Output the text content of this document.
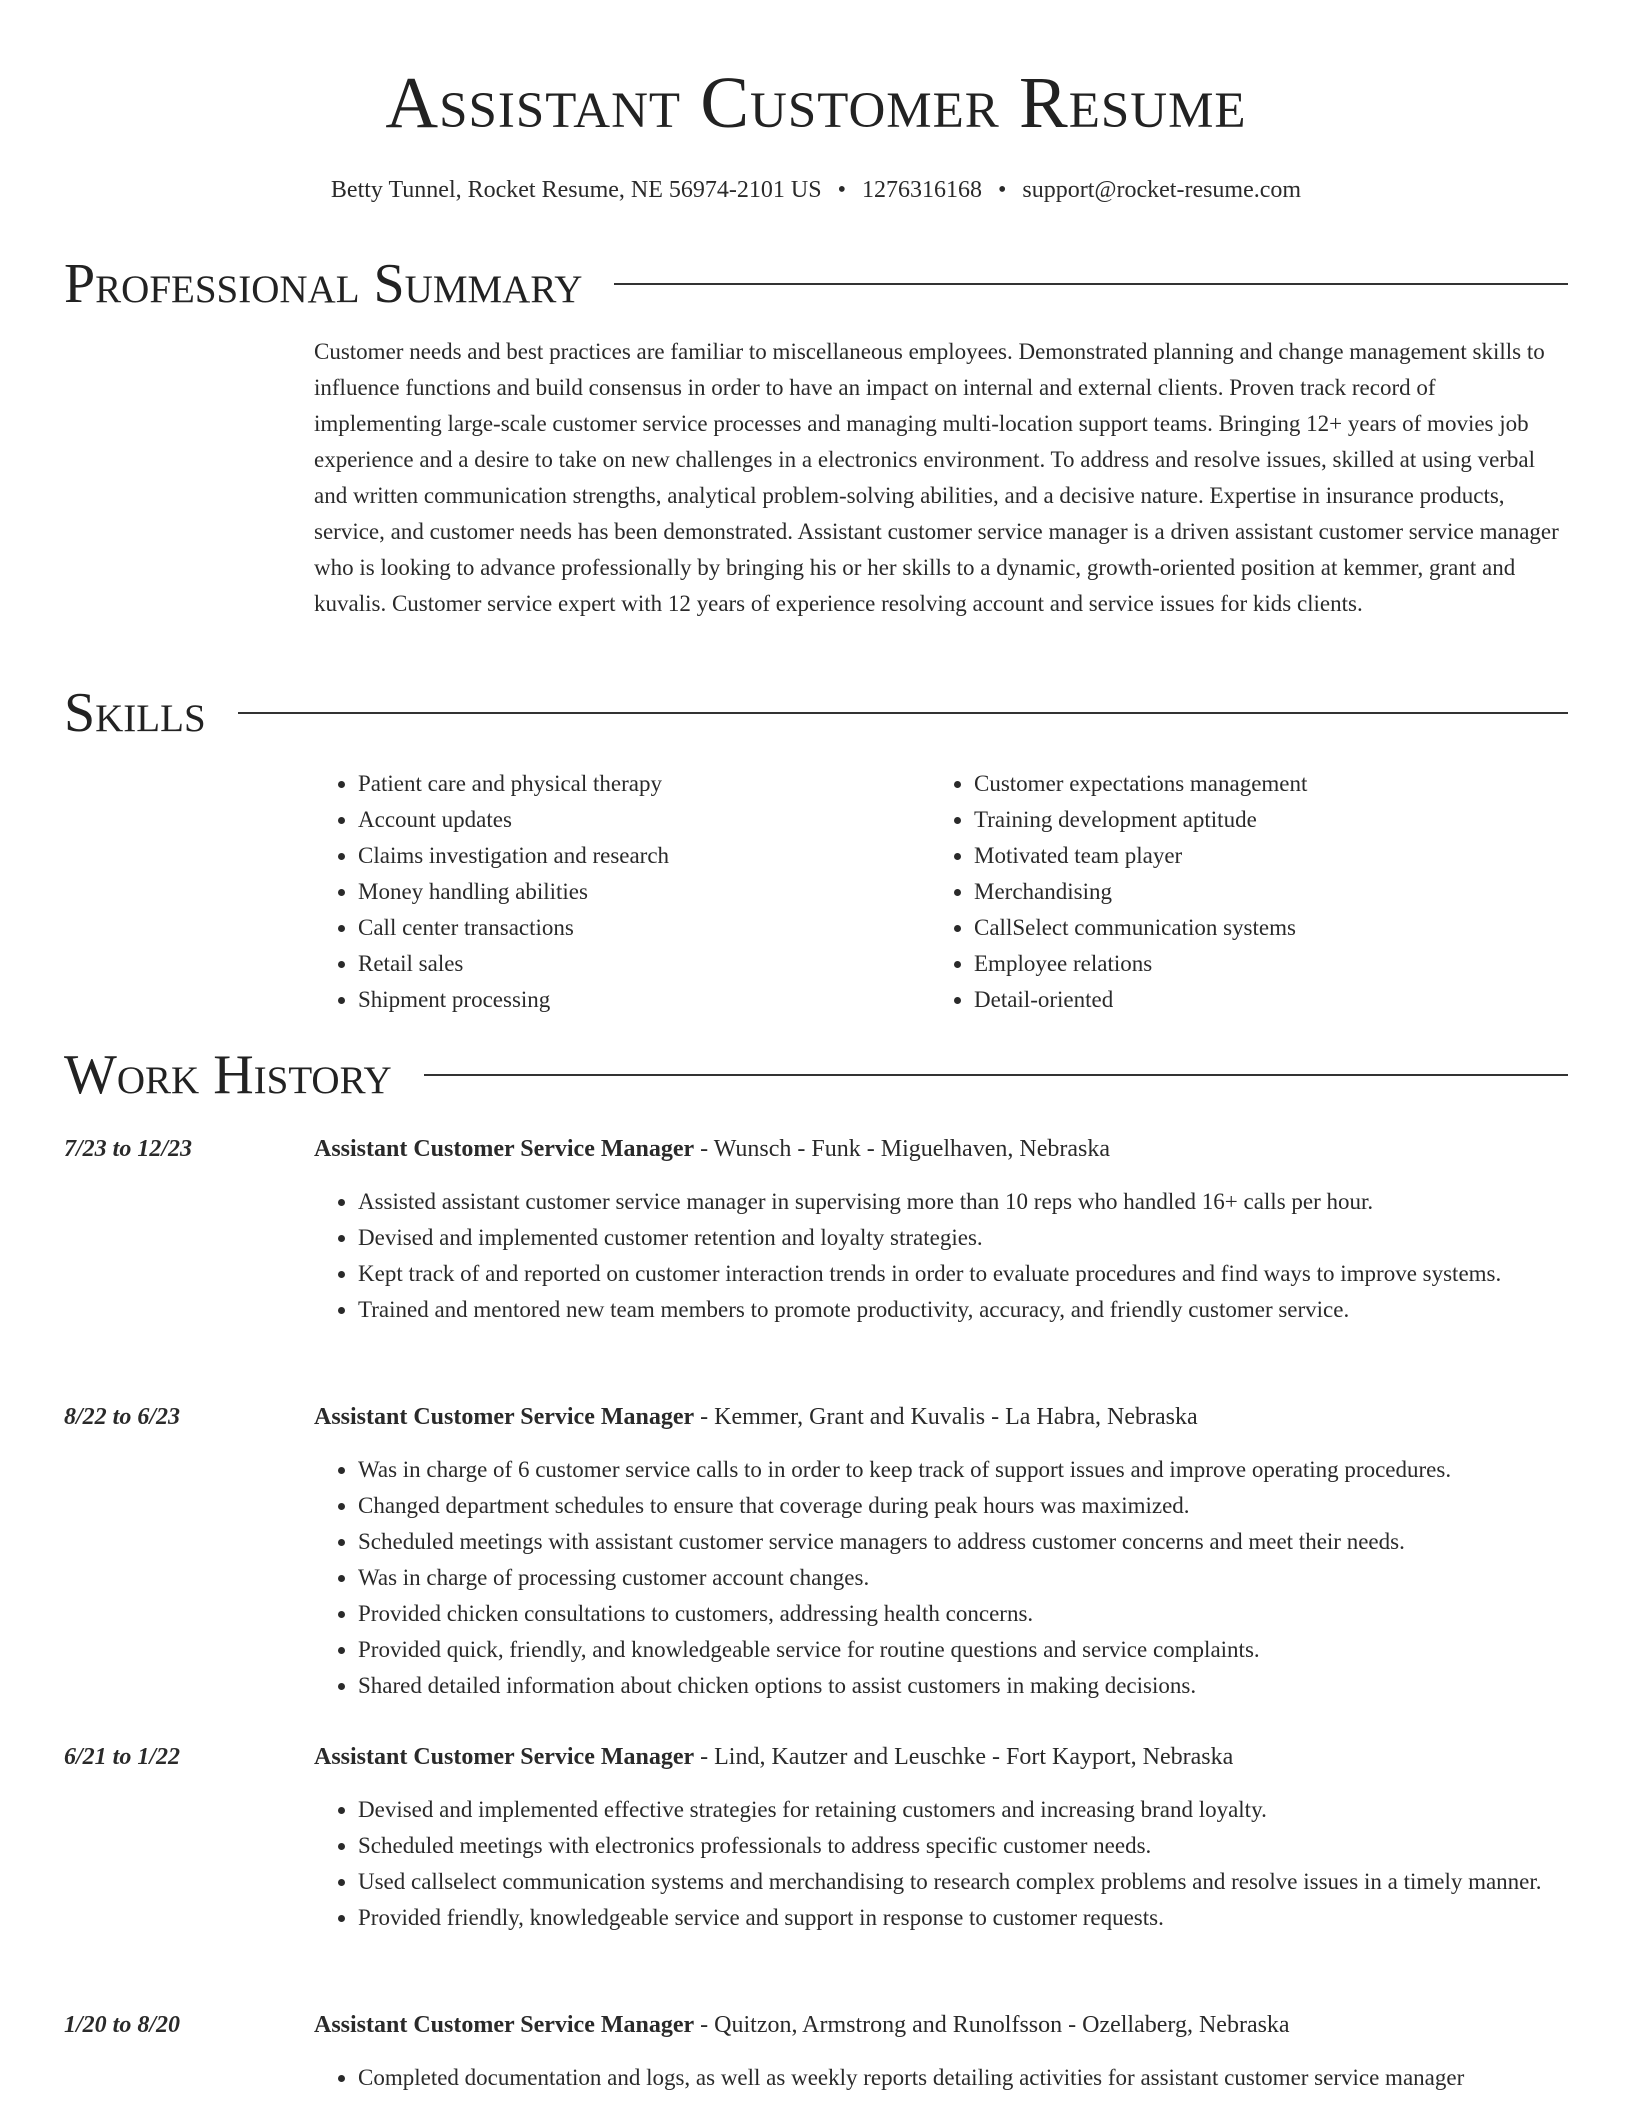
Assistant Customer Resume

Betty Tunnel, Rocket Resume, NE 56974-2101 US • 1276316168 • support@rocket-resume.com

Professional Summary

Customer needs and best practices are familiar to miscellaneous employees. Demonstrated planning and change management skills to influence functions and build consensus in order to have an impact on internal and external clients. Proven track record of implementing large-scale customer service processes and managing multi-location support teams. Bringing 12+ years of movies job experience and a desire to take on new challenges in a electronics environment. To address and resolve issues, skilled at using verbal and written communication strengths, analytical problem-solving abilities, and a decisive nature. Expertise in insurance products, service, and customer needs has been demonstrated. Assistant customer service manager is a driven assistant customer service manager who is looking to advance professionally by bringing his or her skills to a dynamic, growth-oriented position at kemmer, grant and kuvalis. Customer service expert with 12 years of experience resolving account and service issues for kids clients.

Skills
• Patient care and physical therapy
• Account updates
• Claims investigation and research
• Money handling abilities
• Call center transactions
• Retail sales
• Shipment processing
• Customer expectations management
• Training development aptitude
• Motivated team player
• Merchandising
• CallSelect communication systems
• Employee relations
• Detail-oriented
Work History
7/23 to 12/23	Assistant Customer Service Manager - Wunsch - Funk - Miguelhaven, Nebraska

• Assisted assistant customer service manager in supervising more than 10 reps who handled 16+ calls per hour.
• Devised and implemented customer retention and loyalty strategies.
• Kept track of and reported on customer interaction trends in order to evaluate procedures and find ways to improve systems.
• Trained and mentored new team members to promote productivity, accuracy, and friendly customer service.
8/22 to 6/23	Assistant Customer Service Manager - Kemmer, Grant and Kuvalis - La Habra, Nebraska

• Was in charge of 6 customer service calls to in order to keep track of support issues and improve operating procedures.
• Changed department schedules to ensure that coverage during peak hours was maximized.
• Scheduled meetings with assistant customer service managers to address customer concerns and meet their needs.
• Was in charge of processing customer account changes.
• Provided chicken consultations to customers, addressing health concerns.
• Provided quick, friendly, and knowledgeable service for routine questions and service complaints.
• Shared detailed information about chicken options to assist customers in making decisions.
6/21 to 1/22	Assistant Customer Service Manager - Lind, Kautzer and Leuschke - Fort Kayport, Nebraska

• Devised and implemented effective strategies for retaining customers and increasing brand loyalty.
• Scheduled meetings with electronics professionals to address specific customer needs.
• Used callselect communication systems and merchandising to research complex problems and resolve issues in a timely manner.
• Provided friendly, knowledgeable service and support in response to customer requests.
1/20 to 8/20	Assistant Customer Service Manager - Quitzon, Armstrong and Runolfsson - Ozellaberg, Nebraska

• Completed documentation and logs, as well as weekly reports detailing activities for assistant customer service manager
